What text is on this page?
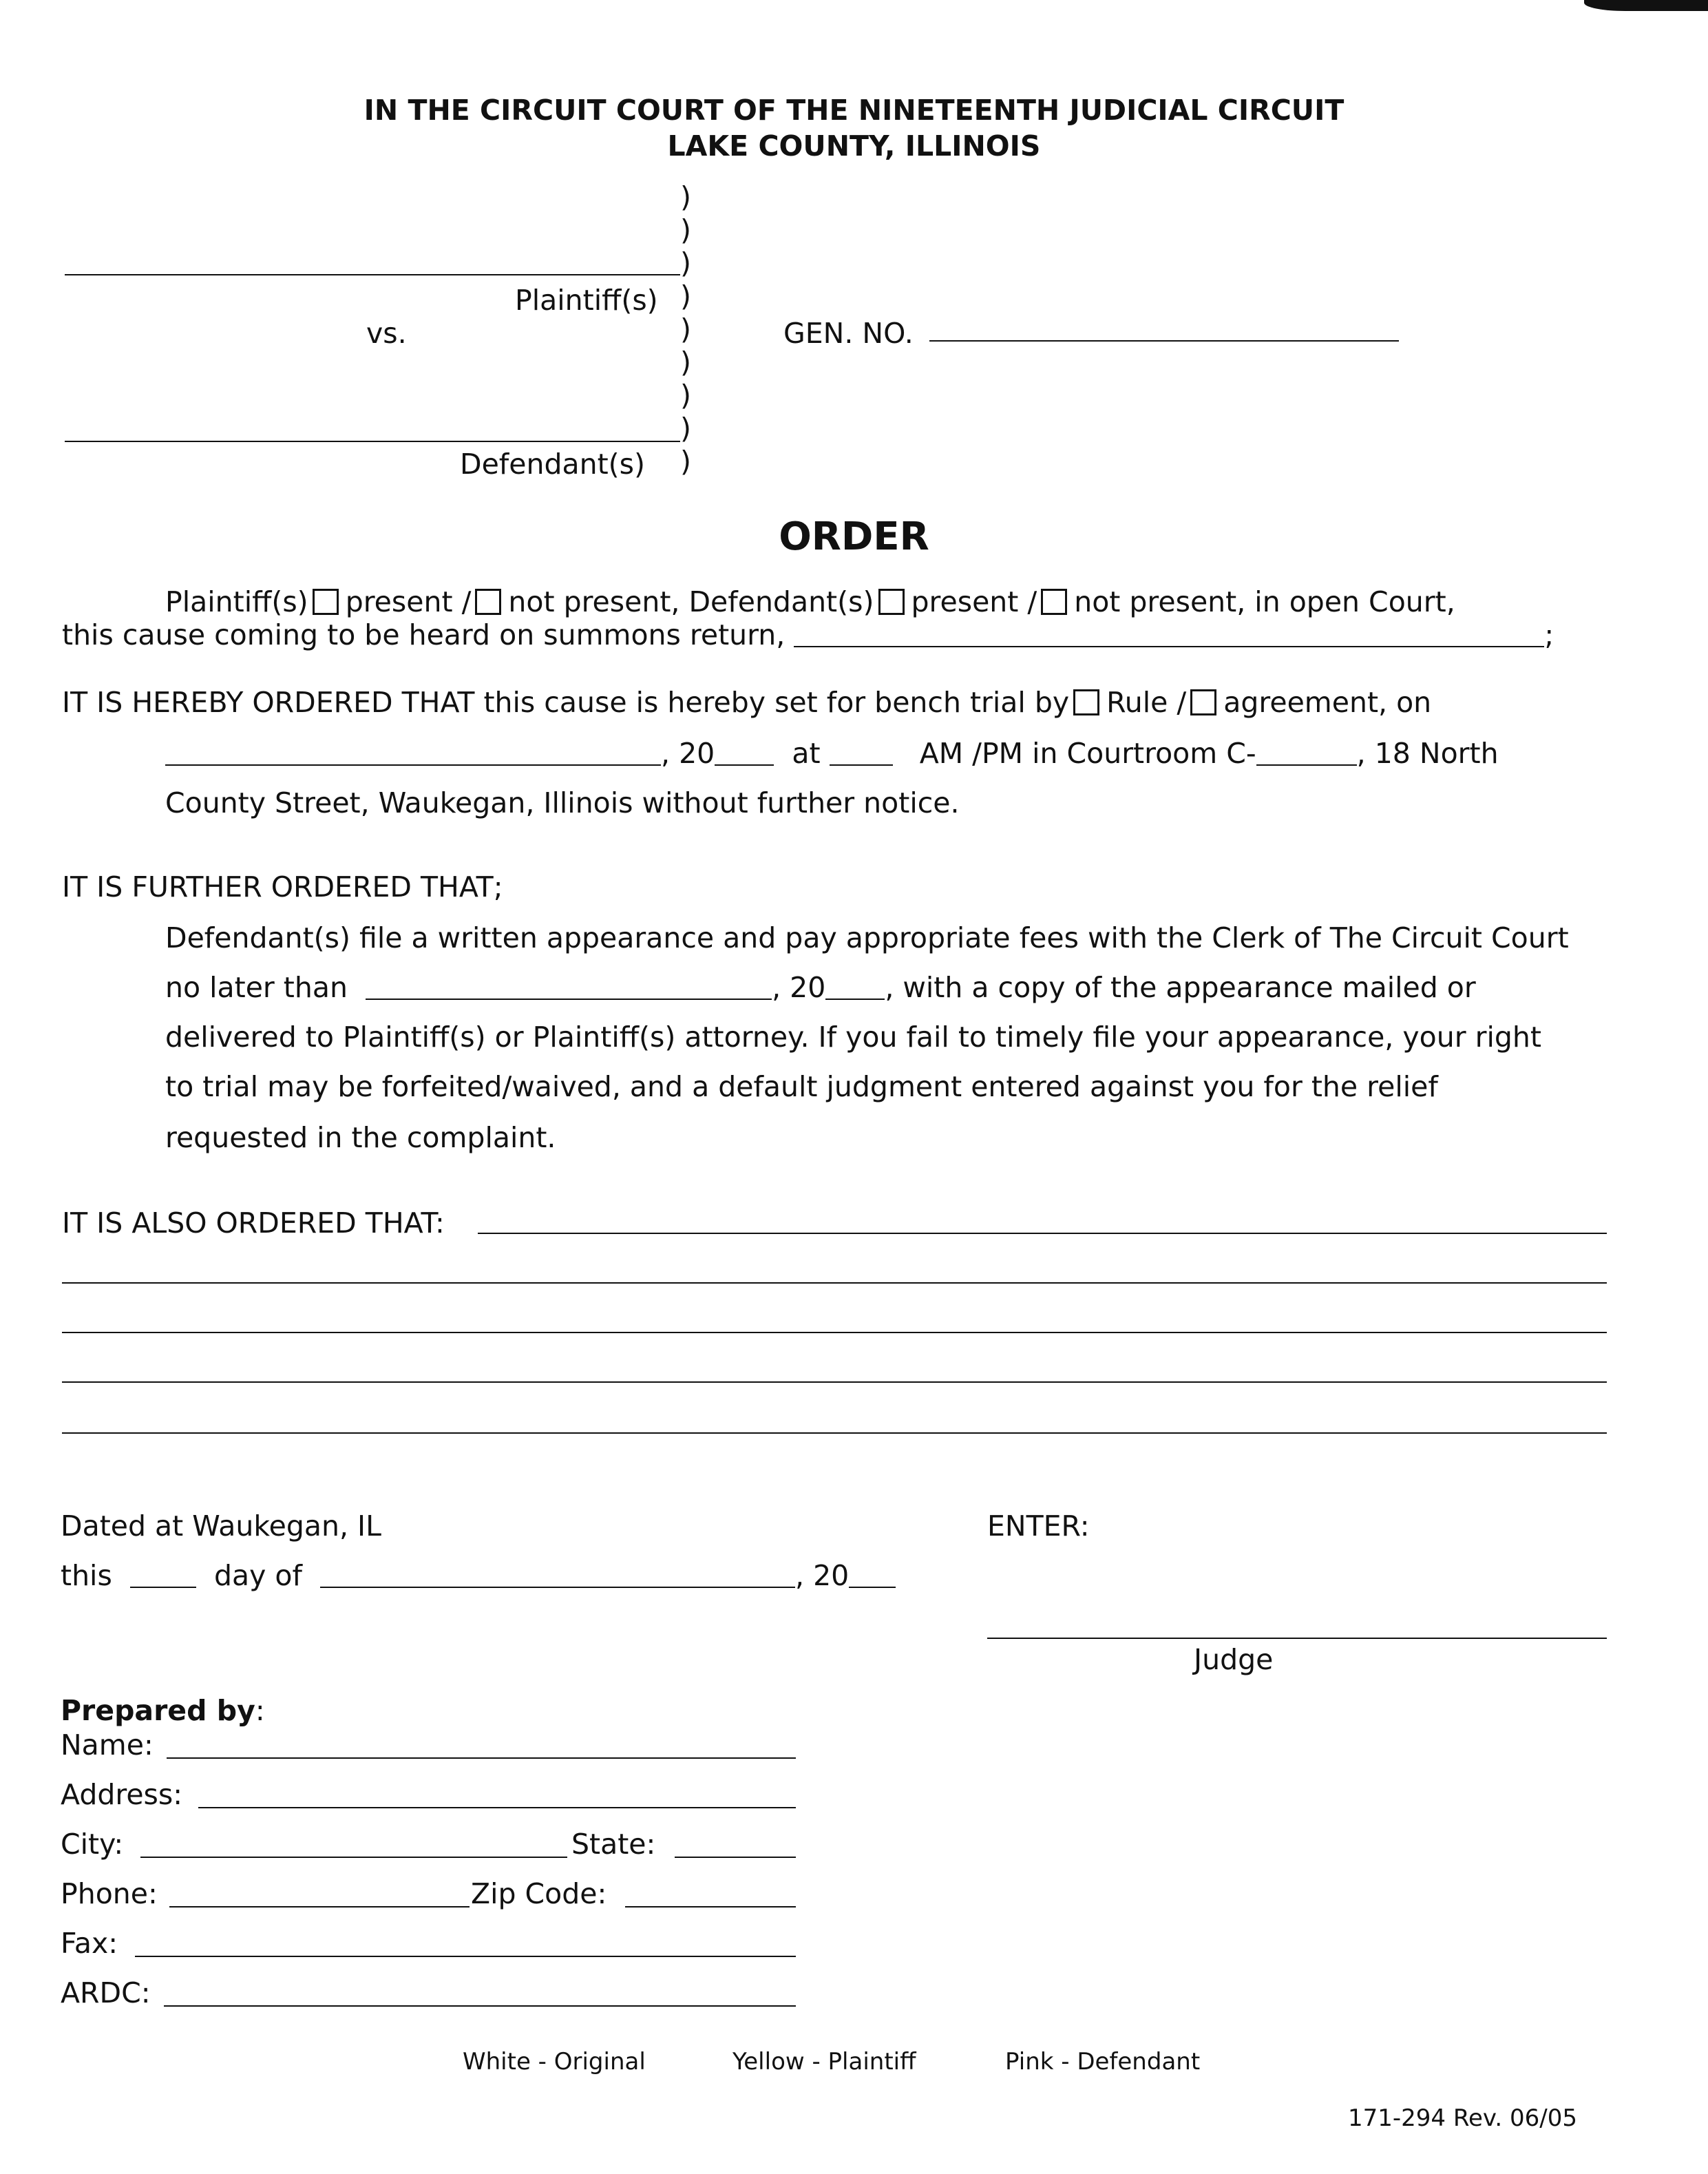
IN THE CIRCUIT COURT OF THE NINETEENTH JUDICIAL CIRCUIT
LAKE COUNTY, ILLINOIS
)
)
)
)
)
)
)
)
)
Plaintiff(s)
vs.	GEN. NO.
Defendant(s)
ORDER
Plaintiff(s) present / not present, Defendant(s) present / not present, in open Court,
this cause coming to be heard on summons return,	;
IT IS HEREBY ORDERED THAT this cause is hereby set for bench trial by Rule / agreement, on
, 20	at	AM /PM in Courtroom C-	, 18 North
County Street, Waukegan, Illinois without further notice.
IT IS FURTHER ORDERED THAT;
Defendant(s) file a written appearance and pay appropriate fees with the Clerk of The Circuit Court
no later than	, 20 , with a copy of the appearance mailed or
delivered to Plaintiff(s) or Plaintiff(s) attorney. If you fail to timely file your appearance, your right
to trial may be forfeited/waived, and a default judgment entered against you for the relief
requested in the complaint.
IT IS ALSO ORDERED THAT:
Dated at Waukegan, IL	ENTER:
this	day of	, 20
Judge
Prepared by:
Name:
Address:
City:	State:
Phone:	Zip Code:
Fax:
ARDC:
White - Original	Yellow - Plaintiff	Pink - Defendant
171-294 Rev. 06/05
